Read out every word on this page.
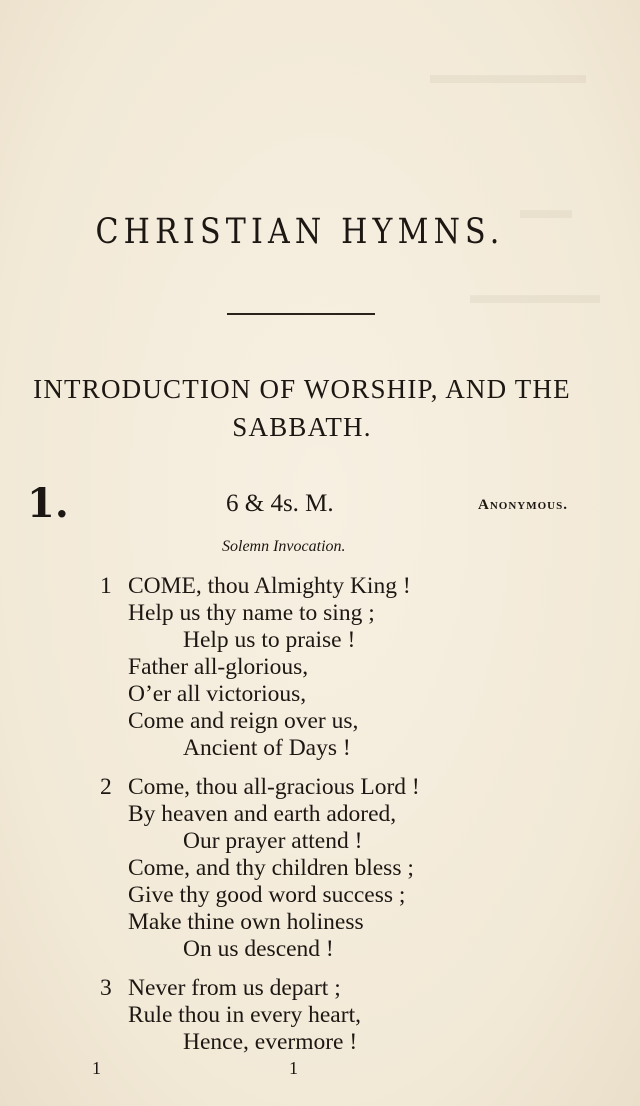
▬▬▬▬▬▬
▬▬
▬▬▬▬▬
CHRISTIAN HYMNS.
INTRODUCTION OF WORSHIP, AND THE
SABBATH.
1.	6 & 4s. M.	Anonymous.
Solemn Invocation.
1 COME, thou Almighty King !
Help us thy name to sing ;
Help us to praise !
Father all-glorious,
O’er all victorious,
Come and reign over us,
Ancient of Days !
2 Come, thou all-gracious Lord !
By heaven and earth adored,
Our prayer attend !
Come, and thy children bless ;
Give thy good word success ;
Make thine own holiness
On us descend !
3 Never from us depart ;
Rule thou in every heart,
Hence, evermore !
1	1
